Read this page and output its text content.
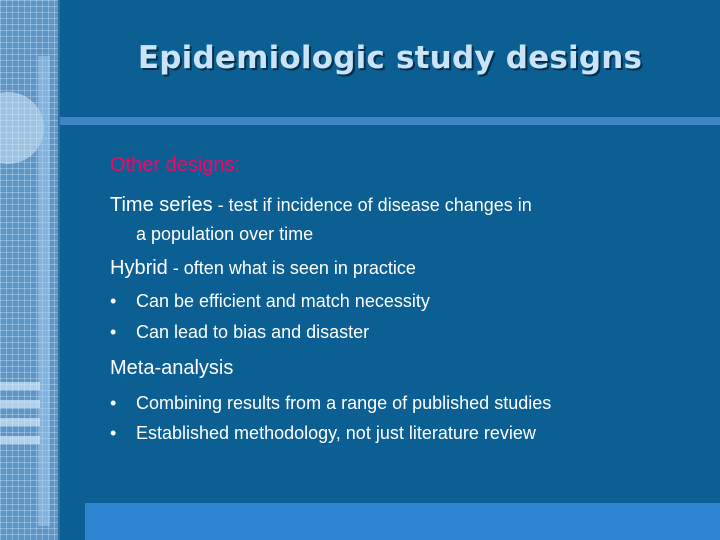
Epidemiologic study designs
Other designs:
Time series - test if incidence of disease changes in
a population over time
Hybrid - often what is seen in practice
• Can be efficient and match necessity
• Can lead to bias and disaster
Meta-analysis
• Combining results from a range of published studies
• Established methodology, not just literature review
